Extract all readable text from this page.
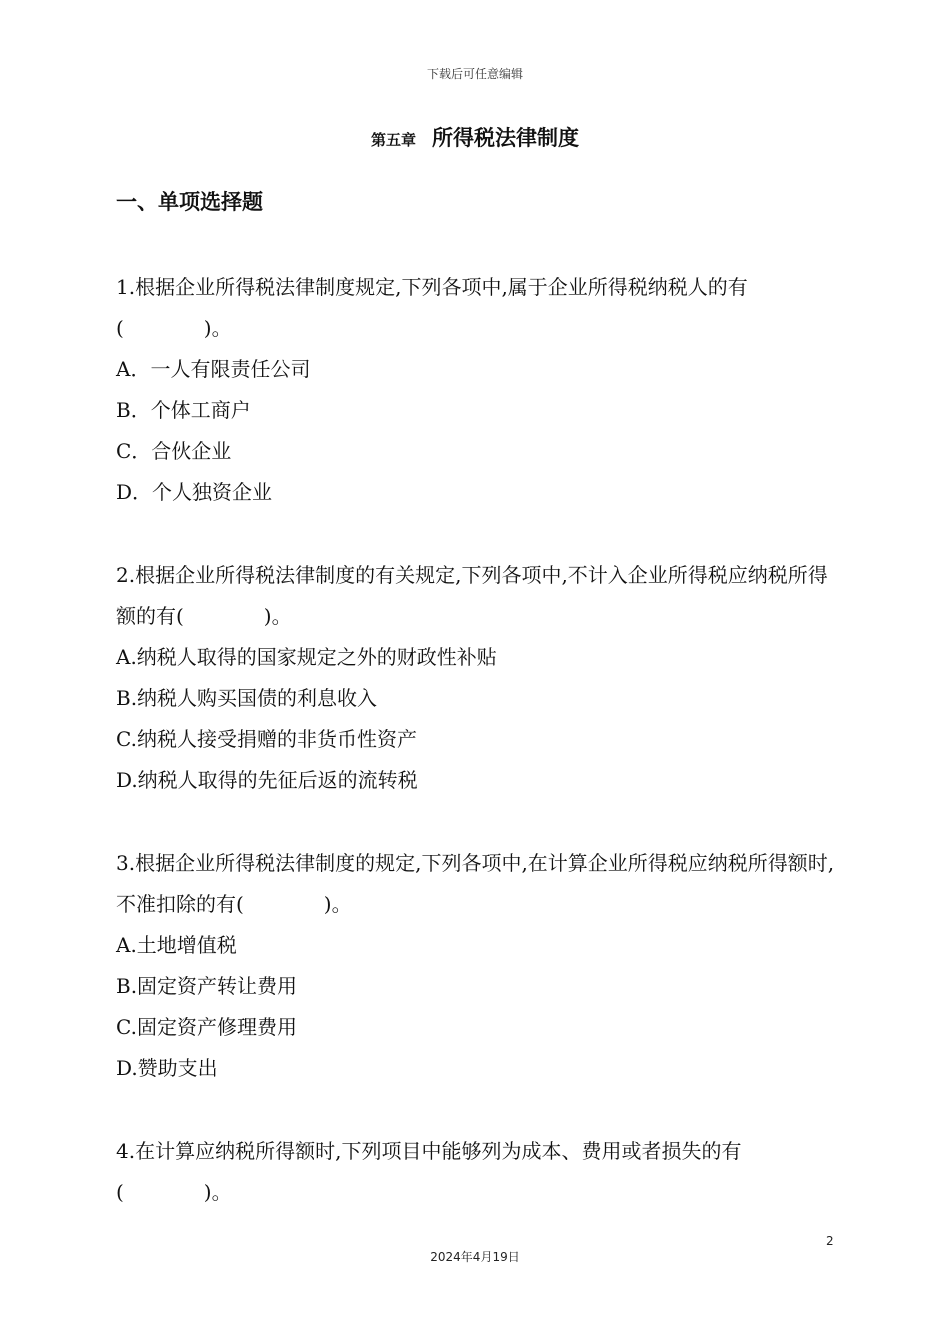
下载后可任意编辑
第五章 所得税法律制度
一、单项选择题

1.根据企业所得税法律制度规定,下列各项中,属于企业所得税纳税人的有(　　　　)。

A．一人有限责任公司

B．个体工商户

C．合伙企业

D．个人独资企业

2.根据企业所得税法律制度的有关规定,下列各项中,不计入企业所得税应纳税所得额的有(　　　　)。

A.纳税人取得的国家规定之外的财政性补贴

B.纳税人购买国债的利息收入

C.纳税人接受捐赠的非货币性资产

D.纳税人取得的先征后返的流转税

3.根据企业所得税法律制度的规定,下列各项中,在计算企业所得税应纳税所得额时,不准扣除的有(　　　　)。

A.土地增值税

B.固定资产转让费用

C.固定资产修理费用

D.赞助支出

4.在计算应纳税所得额时,下列项目中能够列为成本、费用或者损失的有(　　　　)。

2
2024年4月19日
